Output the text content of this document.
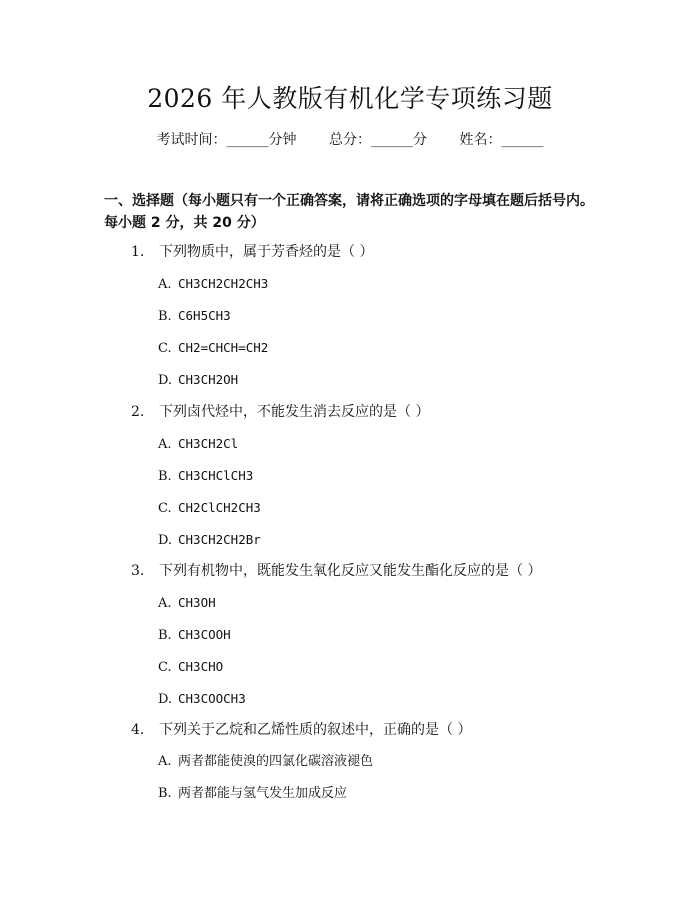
2026 年人教版有机化学专项练习题
考试时间：______分钟 总分：______分 姓名：______
一、选择题（每小题只有一个正确答案，请将正确选项的字母填在题后括号内。
每小题 2 分，共 20 分）
1. 下列物质中，属于芳香烃的是（ ）
A. CH3CH2CH2CH3
B. C6H5CH3
C. CH2=CHCH=CH2
D. CH3CH2OH
2. 下列卤代烃中，不能发生消去反应的是（ ）
A. CH3CH2Cl
B. CH3CHClCH3
C. CH2ClCH2CH3
D. CH3CH2CH2Br
3. 下列有机物中，既能发生氧化反应又能发生酯化反应的是（ ）
A. CH3OH
B. CH3COOH
C. CH3CHO
D. CH3COOCH3
4. 下列关于乙烷和乙烯性质的叙述中，正确的是（ ）
A. 两者都能使溴的四氯化碳溶液褪色
B. 两者都能与氢气发生加成反应
